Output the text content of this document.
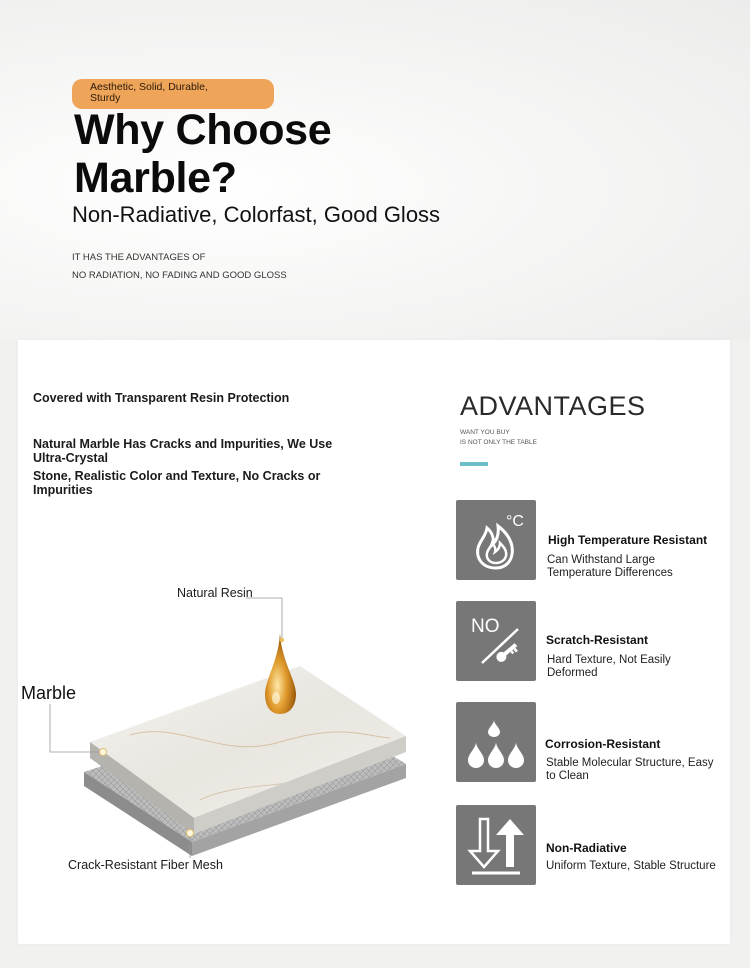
Aesthetic, Solid, Durable, Sturdy
Why Choose
Marble?
Non-Radiative, Colorfast, Good Gloss
IT HAS THE ADVANTAGES OF
NO RADIATION, NO FADING AND GOOD GLOSS
Covered with Transparent Resin Protection
Natural Marble Has Cracks and Impurities, We Use Ultra-Crystal
Stone, Realistic Color and Texture, No Cracks or Impurities
Natural Resin
Marble
Crack-Resistant Fiber Mesh
ADVANTAGES
WANT YOU BUY
IS NOT ONLY THE TABLE
°C
High Temperature Resistant
Can Withstand Large Temperature Differences
NO
Scratch-Resistant
Hard Texture, Not Easily Deformed
Corrosion-Resistant
Stable Molecular Structure, Easy to Clean
Non-Radiative
Uniform Texture, Stable Structure
